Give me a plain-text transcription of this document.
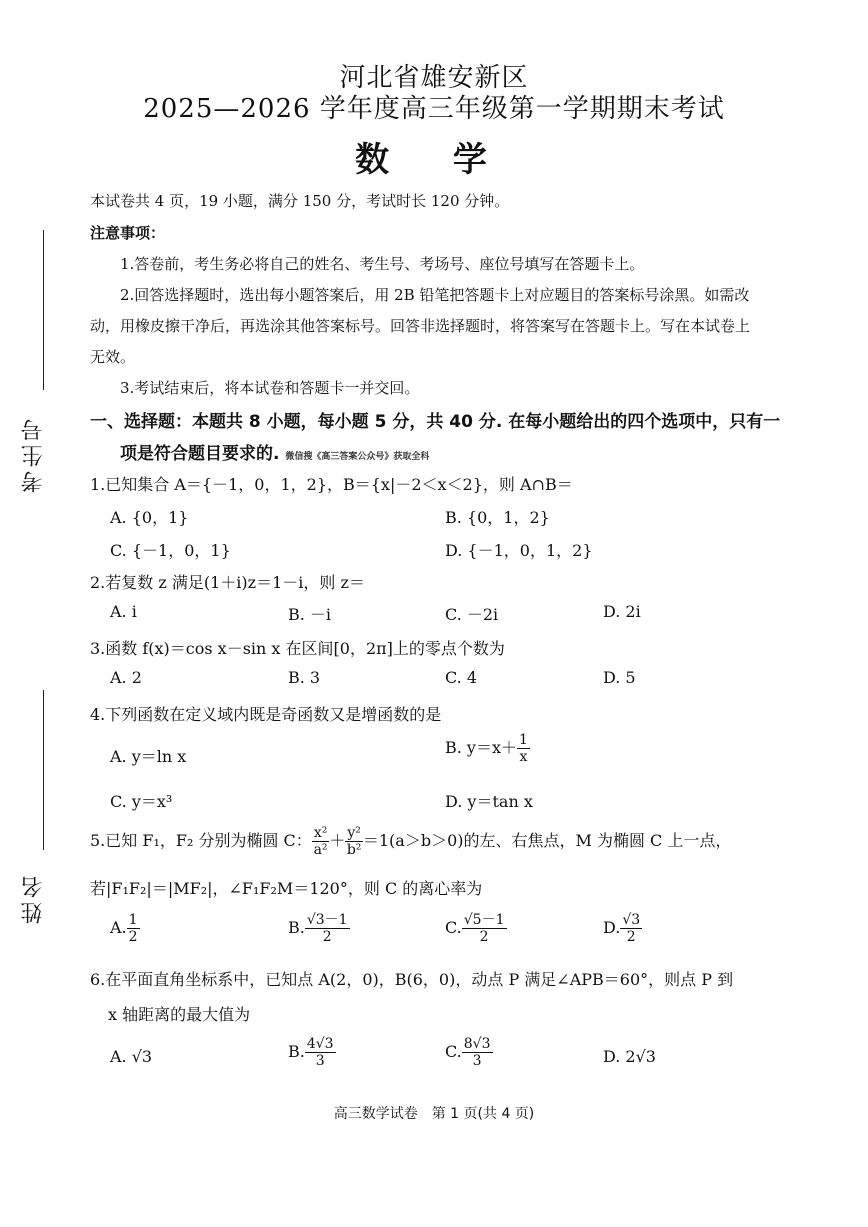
考生号
姓名
河北省雄安新区
2025—2026 学年度高三年级第一学期期末考试
数 学
本试卷共 4 页，19 小题，满分 150 分，考试时长 120 分钟。
注意事项：
1.答卷前，考生务必将自己的姓名、考生号、考场号、座位号填写在答题卡上。
2.回答选择题时，选出每小题答案后，用 2B 铅笔把答题卡上对应题目的答案标号涂黑。如需改
动，用橡皮擦干净后，再选涂其他答案标号。回答非选择题时，将答案写在答题卡上。写在本试卷上
无效。
3.考试结束后，将本试卷和答题卡一并交回。
一、选择题：本题共 8 小题，每小题 5 分，共 40 分. 在每小题给出的四个选项中，只有一
项是符合题目要求的. 微信搜《高三答案公众号》获取全科
1.已知集合 A＝{－1，0，1，2}，B＝{x|－2＜x＜2}，则 A∩B＝
A. {0，1}	B. {0，1，2}
C. {－1，0，1}	D. {－1，0，1，2}
2.若复数 z 满足(1＋i)z＝1－i，则 z＝
A. i	B. －i	C. －2i	D. 2i
3.函数 f(x)＝cos x－sin x 在区间[0，2π]上的零点个数为
A. 2	B. 3	C. 4	D. 5
4.下列函数在定义域内既是奇函数又是增函数的是
A. y＝ln x	B. $y=x+ \frac{1}{x}$
C. y＝x³	D. y＝tan x
5.已知 F₁，F₂ 分别为椭圆 C： $\frac{\text{x²}}{\text{a²}} + \frac{\text{y²}}{\text{b²}} =1(a>b>0)$的左、右焦点，M 为椭圆 C 上一点，
若|F₁F₂|＝|MF₂|，∠F₁F₂M＝120°，则 C 的离心率为
A. $\frac{1}{2}$	B. $\frac{√3-1}{2}$	C. $\frac{√5-1}{2}$	D. $\frac{√3}{2}$
6.在平面直角坐标系中，已知点 A(2，0)，B(6，0)，动点 P 满足∠APB＝60°，则点 P 到
x 轴距离的最大值为
A. √3	B. $\frac{4√3}{3}$	C. $\frac{8√3}{3}$	D. 2√3
高三数学试卷　第 1 页(共 4 页)
